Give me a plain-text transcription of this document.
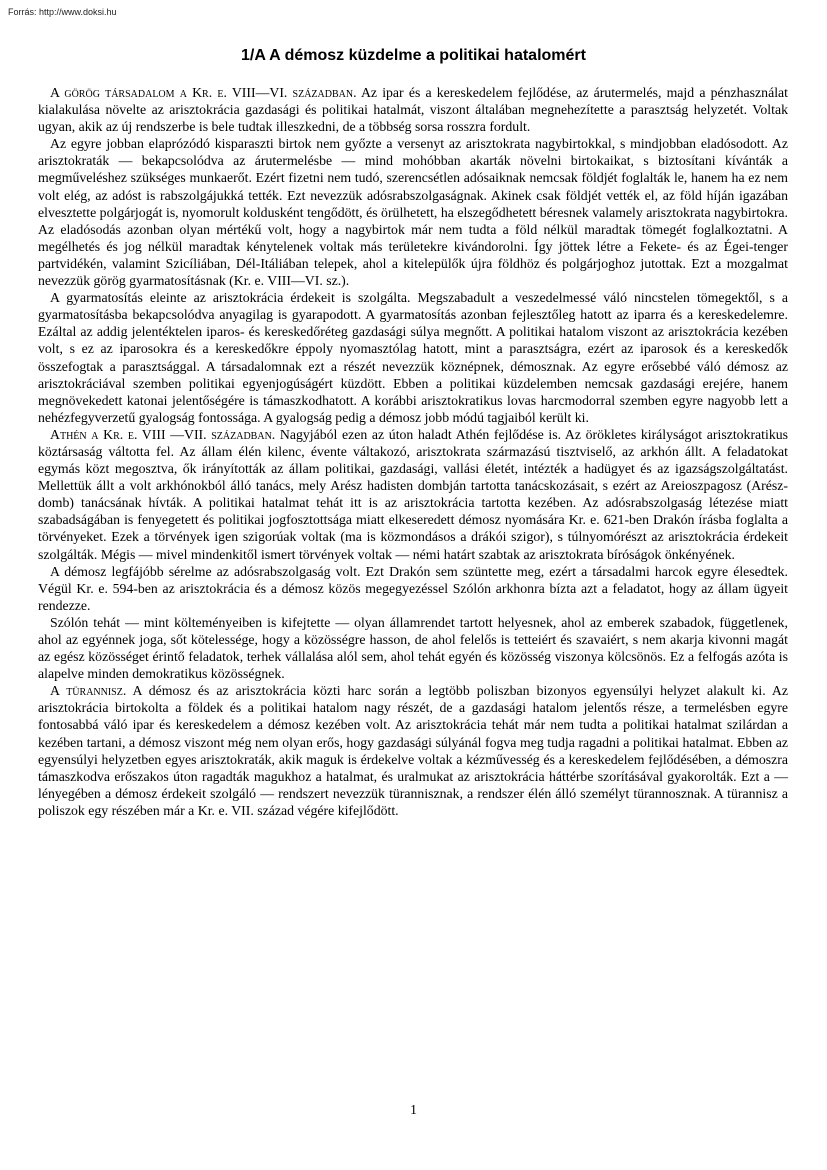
Forrás: http://www.doksi.hu
1/A A démosz küzdelme a politikai hatalomért

A görög társadalom a Kr. e. VIII—VI. században. Az ipar és a kereskedelem fejlődése, az árutermelés, majd a pénzhasználat kialakulása növelte az arisztokrácia gazdasági és politikai hatalmát, viszont általában megnehezítette a parasztság helyzetét. Voltak ugyan, akik az új rendszerbe is bele tudtak illeszkedni, de a többség sorsa rosszra fordult.

Az egyre jobban elaprózódó kisparaszti birtok nem győzte a versenyt az arisztokrata nagybirtokkal, s mindjobban eladósodott. Az arisztokraták — bekapcsolódva az árutermelésbe — mind mohóbban akarták növelni birtokaikat, s biztosítani kívánták a megműveléshez szükséges munkaerőt. Ezért fizetni nem tudó, szerencsétlen adósaiknak nemcsak földjét foglalták le, hanem ha ez nem volt elég, az adóst is rabszolgájukká tették. Ezt nevezzük adósrabszolgaságnak. Akinek csak földjét vették el, az föld híján igazában elvesztette polgárjogát is, nyomorult koldusként tengődött, és örülhetett, ha elszegődhetett béresnek valamely arisztokrata nagybirtokra. Az eladósodás azonban olyan mértékű volt, hogy a nagybirtok már nem tudta a föld nélkül maradtak tömegét foglalkoztatni. A megélhetés és jog nélkül maradtak kénytelenek voltak más területekre kivándorolni. Így jöttek létre a Fekete- és az Égei-tenger partvidékén, valamint Szicíliában, Dél-Itáliában telepek, ahol a kitelepülők újra földhöz és polgárjoghoz jutottak. Ezt a mozgalmat nevezzük görög gyarmatosításnak (Kr. e. VIII—VI. sz.).

A gyarmatosítás eleinte az arisztokrácia érdekeit is szolgálta. Megszabadult a veszedelmessé váló nincstelen tömegektől, s a gyarmatosításba bekapcsolódva anyagilag is gyarapodott. A gyarmatosítás azonban fejlesztőleg hatott az iparra és a kereskedelemre. Ezáltal az addig jelentéktelen iparos- és kereskedőréteg gazdasági súlya megnőtt. A politikai hatalom viszont az arisztokrácia kezében volt, s ez az iparosokra és a kereskedőkre éppoly nyomasztólag hatott, mint a parasztságra, ezért az iparosok és a kereskedők összefogtak a parasztsággal. A társadalomnak ezt a részét nevezzük köznépnek, démosznak. Az egyre erősebbé váló démosz az arisztokráciával szemben politikai egyenjogúságért küzdött. Ebben a politikai küzdelemben nemcsak gazdasági erejére, hanem megnövekedett katonai jelentőségére is támaszkodhatott. A korábbi arisztokratikus lovas harcmodorral szemben egyre nagyobb lett a nehézfegyverzetű gyalogság fontossága. A gyalogság pedig a démosz jobb módú tagjaiból került ki.

Athén a Kr. e. VIII —VII. században. Nagyjából ezen az úton haladt Athén fejlődése is. Az örökletes királyságot arisztokratikus köztársaság váltotta fel. Az állam élén kilenc, évente váltakozó, arisztokrata származású tisztviselő, az arkhón állt. A feladatokat egymás közt megosztva, ők irányították az állam politikai, gazdasági, vallási életét, intézték a hadügyet és az igazságszolgáltatást. Mellettük állt a volt arkhónokból álló tanács, mely Arész hadisten dombján tartotta tanácskozásait, s ezért az Areioszpagosz (Arész-domb) tanácsának hívták. A politikai hatalmat tehát itt is az arisztokrácia tartotta kezében. Az adósrabszolgaság létezése miatt szabadságában is fenyegetett és politikai jogfosztottsága miatt elkeseredett démosz nyomására Kr. e. 621-ben Drakón írásba foglalta a törvényeket. Ezek a törvények igen szigorúak voltak (ma is közmondásos a drákói szigor), s túlnyomórészt az arisztokrácia érdekeit szolgálták. Mégis — mivel mindenkitől ismert törvények voltak — némi határt szabtak az arisztokrata bíróságok önkényének.

A démosz legfájóbb sérelme az adósrabszolgaság volt. Ezt Drakón sem szüntette meg, ezért a társadalmi harcok egyre élesedtek. Végül Kr. e. 594-ben az arisztokrácia és a démosz közös megegyezéssel Szólón arkhonra bízta azt a feladatot, hogy az állam ügyeit rendezze.

Szólón tehát — mint költeményeiben is kifejtette — olyan államrendet tartott helyesnek, ahol az emberek szabadok, függetlenek, ahol az egyénnek joga, sőt kötelessége, hogy a közösségre hasson, de ahol felelős is tetteiért és szavaiért, s nem akarja kivonni magát az egész közösséget érintő feladatok, terhek vállalása alól sem, ahol tehát egyén és közösség viszonya kölcsönös. Ez a felfogás azóta is alapelve minden demokratikus közösségnek.

A türannisz. A démosz és az arisztokrácia közti harc során a legtöbb poliszban bizonyos egyensúlyi helyzet alakult ki. Az arisztokrácia birtokolta a földek és a politikai hatalom nagy részét, de a gazdasági hatalom jelentős része, a termelésben egyre fontosabbá váló ipar és kereskedelem a démosz kezében volt. Az arisztokrácia tehát már nem tudta a politikai hatalmat szilárdan a kezében tartani, a démosz viszont még nem olyan erős, hogy gazdasági súlyánál fogva meg tudja ragadni a politikai hatalmat. Ebben az egyensúlyi helyzetben egyes arisztokraták, akik maguk is érdekelve voltak a kézművesség és a kereskedelem fejlődésében, a démoszra támaszkodva erőszakos úton ragadták magukhoz a hatalmat, és uralmukat az arisztokrácia háttérbe szorításával gyakorolták. Ezt a — lényegében a démosz érdekeit szolgáló — rendszert nevezzük türannisznak, a rendszer élén álló személyt türannosznak. A türannisz a poliszok egy részében már a Kr. e. VII. század végére kifejlődött.

1
